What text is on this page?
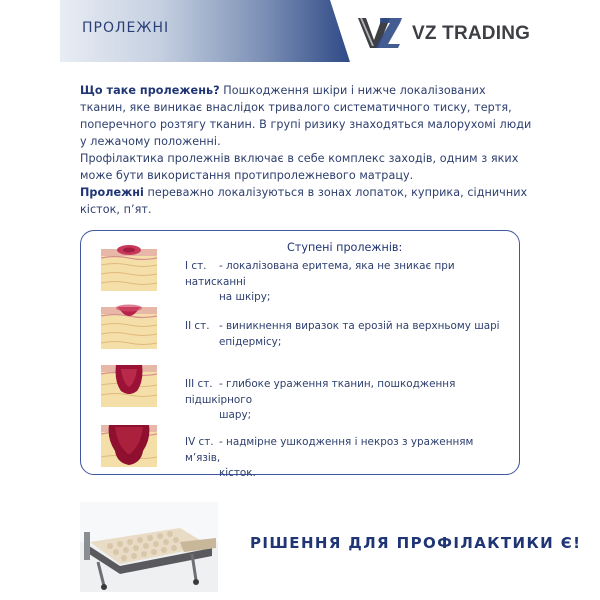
ПРОЛЕЖНІ	VZ TRADING

Що таке пролежень? Пошкодження шкіри і нижче локалізованих тканин, яке виникає внаслідок тривалого систематичного тиску, тертя, поперечного розтягу тканин. В групі ризику знаходяться малорухомі люди у лежачому положенні.

Профілактика пролежнів включає в себе комплекс заходів, одним з яких може бути використання протипролежневого матрацу.

Пролежні переважно локалізуються в зонах лопаток, куприка, сідничних кісток, п’ят.

Ступені пролежнів:
I ст. - локалізована еритема, яка не зникає при натисканні
на шкіру;
II ст. - виникнення виразок та ерозій на верхньому шарі
епідермісу;
III ст. - глибоке ураження тканин, пошкодження підшкірного
шару;
IV ст. - надмірне ушкодження і некроз з ураженням м’язів,
кісток.
РІШЕННЯ ДЛЯ ПРОФІЛАКТИКИ Є!
